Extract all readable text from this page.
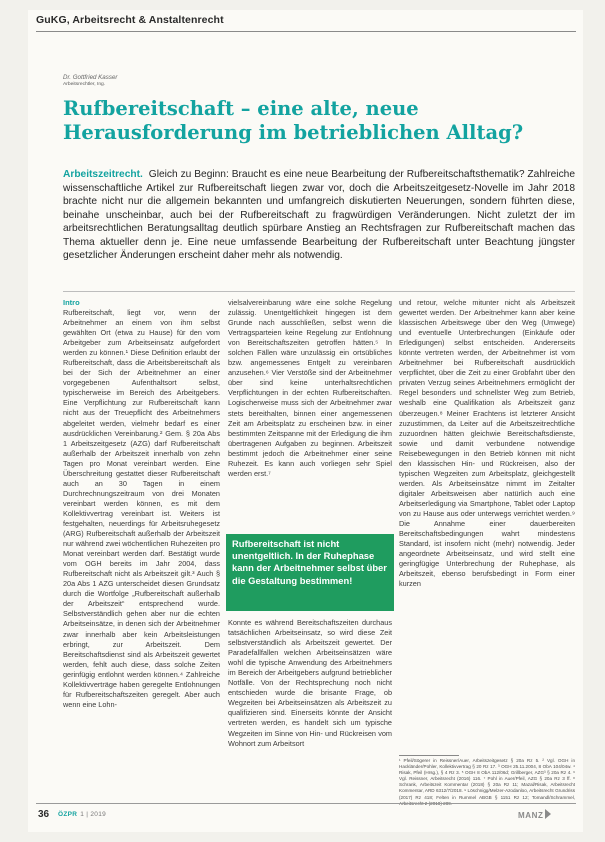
GuKG, Arbeitsrecht & Anstaltenrecht
Dr. Gottfried Kasser
Arbeitsrechtler, Ing.
Rufbereitschaft – eine alte, neue Herausforderung im betrieblichen Alltag?
Arbeitszeitrecht. Gleich zu Beginn: Braucht es eine neue Bearbeitung der Rufbereitschaftsthematik? Zahlreiche wissenschaftliche Artikel zur Rufbereitschaft liegen zwar vor, doch die Arbeitszeitgesetz-Novelle im Jahr 2018 brachte nicht nur die allgemein bekannten und umfangreich diskutierten Neuerungen, sondern führten diese, beinahe unscheinbar, auch bei der Rufbereitschaft zu fragwürdigen Veränderungen. Nicht zuletzt der im arbeitsrechtlichen Beratungsalltag deutlich spürbare Anstieg an Rechtsfragen zur Rufbereitschaft machen das Thema aktueller denn je. Eine neue umfassende Bearbeitung der Rufbereitschaft unter Beachtung jüngster gesetzlicher Änderungen erscheint daher mehr als notwendig.
Intro

Rufbereitschaft, liegt vor, wenn der Arbeitnehmer an einem von ihm selbst gewählten Ort (etwa zu Hause) für den vom Arbeitgeber zum Arbeitseinsatz aufgefordert werden zu können.¹ Diese Definition erlaubt der Rufbereitschaft, dass die Arbeitsbereitschaft als bei der Sich der Arbeitnehmer an einer vorgegebenen Aufenthaltsort selbst, typischerweise im Bereich des Arbeitgebers. Eine Verpflichtung zur Rufbereitschaft kann nicht aus der Treuepflicht des Arbeitnehmers abgeleitet werden, vielmehr bedarf es einer ausdrücklichen Vereinbarung.² Gem. § 20a Abs 1 Arbeitszeitgesetz (AZG) darf Rufbereitschaft außerhalb der Arbeitszeit innerhalb von zehn Tagen pro Monat vereinbart werden. Eine Überschreitung gestattet dieser Rufbereitschaft auch an 30 Tagen in einem Durchrechnungszeitraum von drei Monaten vereinbart werden können, es mit dem Kollektivvertrag vereinbart ist. Weiters ist festgehalten, neuerdings für Arbeitsruhegesetz (ARG) Rufbereitschaft außerhalb der Arbeitszeit nur während zwei wöchentlichen Ruhezeiten pro Monat vereinbart werden darf. Bestätigt wurde vom OGH bereits im Jahr 2004, dass Rufbereitschaft nicht als Arbeitszeit gilt.³ Auch § 20a Abs 1 AZG unterscheidet diesen Grundsatz durch die Wortfolge „Rufbereitschaft außerhalb der Arbeitszeit“ entsprechend wurde. Selbstverständlich gehen aber nur die echten Arbeitseinsätze, in denen sich der Arbeitnehmer zwar innerhalb aber kein Arbeitsleistungen erbringt, zur Arbeitszeit. Dem Bereitschaftsdienst sind als Arbeitszeit gewertet werden, fehlt auch diese, dass solche Zeiten gerinfügig entlohnt werden können.⁴ Zahlreiche Kollektivverträge haben geregelte Entlohnungen für Rufbereitschaftszeiten geregelt. Aber auch wenn eine Lohn-

vielsalvereinbarung wäre eine solche Regelung zulässig. Unentgeltlichkeit hingegen ist dem Grunde nach ausschließen, selbst wenn die Vertragsparteien keine Regelung zur Entlohnung von Bereitschaftszeiten getroffen hätten.⁵ In solchen Fällen wäre unzulässig ein ortsübliches bzw. angemessenes Entgelt zu vereinbaren anzusehen.⁶ Vier Verstöße sind der Arbeitnehmer über sind keine unterhaltsrechtlichen Verpflichtungen in der echten Rufbereitschaften. Logischerweise muss sich der Arbeitnehmer zwar stets bereithalten, binnen einer angemessenen Zeit am Arbeitsplatz zu erscheinen bzw. in einer bestimmten Zeitspanne mit der Erledigung die ihm übertragenen Aufgaben zu beginnen. Arbeitszeit bestimmt jedoch die Arbeitnehmer einer seine Ruhezeit. Es kann auch vorliegen sehr Spiel werden erst.⁷

Rufbereitschaft ist nicht unentgeltlich. In der Ruhephase kann der Arbeitnehmer selbst über die Gestaltung bestimmen!

Konnte es während Bereitschaftszeiten durchaus tatsächlichen Arbeitseinsatz, so wird diese Zeit selbstverständlich als Arbeitszeit gewertet. Der Paradefallfallen welchen Arbeitseinsätzen wäre wohl die typische Anwendung des Arbeitnehmers im Bereich der Arbeitgebers aufgrund betrieblicher Notfälle. Von der Rechtsprechung noch nicht entschieden wurde die brisante Frage, ob Wegzeiten bei Arbeitseinsätzen als Arbeitszeit zu qualifizieren sind. Einerseits könnte der Ansicht vertreten werden, es handelt sich um typische Wegzeiten im Sinne von Hin- und Rückreisen vom Wohnort zum Arbeitsort

und retour, welche mitunter nicht als Arbeitszeit gewertet werden. Der Arbeitnehmer kann aber keine klassischen Arbeitswege über den Weg (Umwege) und eventuelle Unterbrechungen (Einkäufe oder Erledigungen) selbst entscheiden. Andererseits könnte vertreten werden, der Arbeitnehmer ist vom Arbeitnehmer bei Rufbereitschaft ausdrücklich verpflichtet, über die Zeit zu einer Grobfahrt über den privaten Verzug seines Arbeitnehmers ermöglicht der Regel besonders und schnellster Weg zum Betrieb, weshalb eine Qualifikation als Arbeitszeit ganz überzeugen.⁸ Meiner Erachtens ist letzterer Ansicht zuzustimmen, da Leiter auf die Arbeitszeitrechtliche zuzuordnen hätten gleichwie Bereitschaftsdienste, sowie und damit verbundene notwendige Reisebewegungen in den Betrieb können mit nicht den klassischen Hin- und Rückreisen, also der typischen Wegzeiten zum Arbeitsplatz, gleichgestellt werden. Als Arbeitseinsätze nimmt im Zeitalter digitaler Arbeitsweisen aber natürlich auch eine Arbeitserledigung via Smartphone, Tablet oder Laptop von zu Hause aus oder unterwegs verrichtet werden.⁹ Die Annahme einer dauerbereiten Bereitschaftsbedingungen wahrt mindestens Standard, ist insofern nicht (mehr) notwendig. Jeder angeordnete Arbeitseinsatz, und wird stellt eine geringfügige Unterbrechung der Ruhephase, als Arbeitszeit, ebenso berufsbedingt in Form einer kurzen

¹ Pfeil/Sögerer in Reissner/Auer, Arbeitszeitgesetz § 20a Rz 5. ² Vgl. OGH in Hackländer/Pohler, Kollektivvertrag § 20 Rz 17. ³ OGH 25.11.2004, 8 ObA 104/04w. ⁴ Risak, Pfeil (Hrsg.), § 4 Rz 3. ⁵ OGH 8 ObA 112/06d; Grillberger, AZG³ § 20a Rz 4. ⁶ Vgl. Reissner, Arbeitsrecht (2016) 116. ⁷ Pohl in Auer/Pfeil, AZG § 20a Rz 3 ff. ⁸ Schrank, Arbeitszeit Kommentar (2018) § 20a Rz 11; Mazal/Risak, Arbeitsrecht Kommentar, ARD 6312/7/2018. ⁹ Löschnigg/Melzer-Azodanloo, Arbeitsrecht Grundriss (2017) Rz 418; Felten in Rummel ABGB § 1151 Rz 12; Tomandl/Schrammel,
36 ÖZPR 1 | 2019	MANZ
